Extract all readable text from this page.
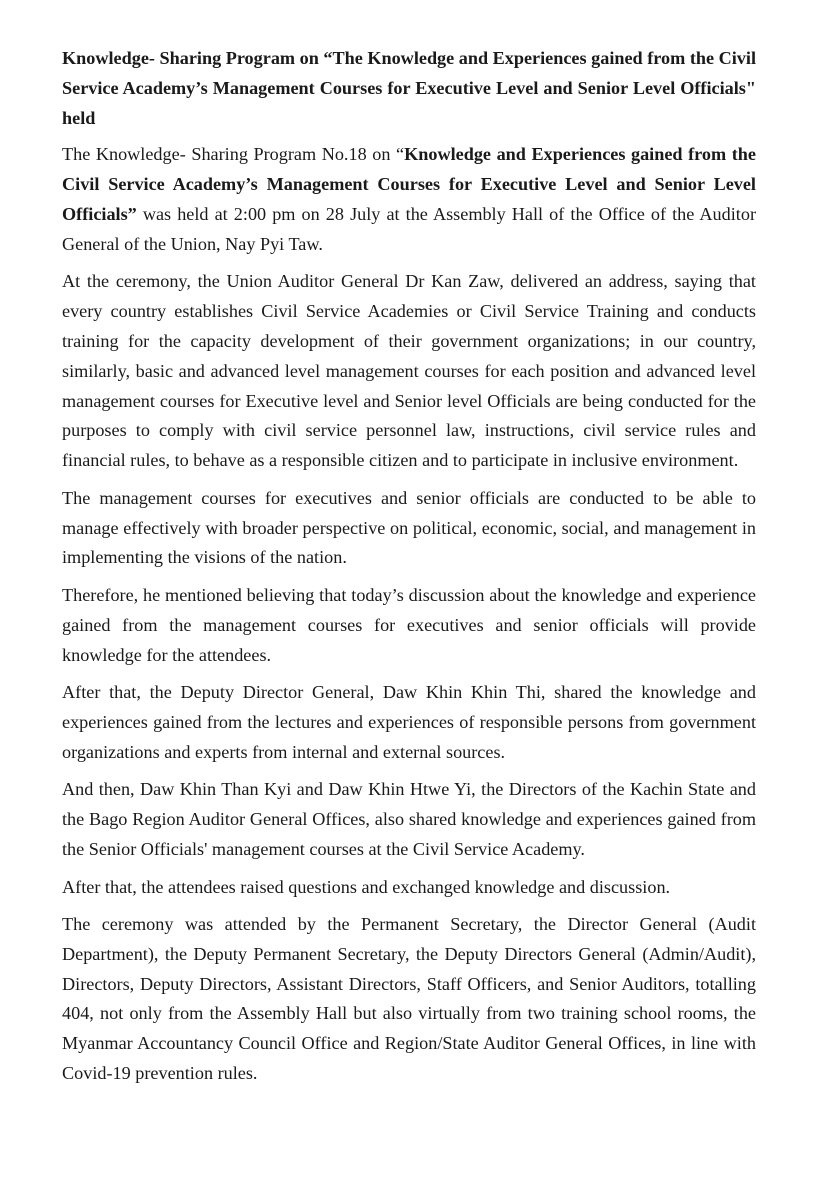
Knowledge- Sharing Program on “The Knowledge and Experiences gained from the Civil Service Academy’s Management Courses for Executive Level and Senior Level Officials" held

The Knowledge- Sharing Program No.18 on “Knowledge and Experiences gained from the Civil Service Academy’s Management Courses for Executive Level and Senior Level Officials” was held at 2:00 pm on 28 July at the Assembly Hall of the Office of the Auditor General of the Union, Nay Pyi Taw.

At the ceremony, the Union Auditor General Dr Kan Zaw, delivered an address, saying that every country establishes Civil Service Academies or Civil Service Training and conducts training for the capacity development of their government organizations; in our country, similarly, basic and advanced level management courses for each position and advanced level management courses for Executive level and Senior level Officials are being conducted for the purposes to comply with civil service personnel law, instructions, civil service rules and financial rules, to behave as a responsible citizen and to participate in inclusive environment.

The management courses for executives and senior officials are conducted to be able to manage effectively with broader perspective on political, economic, social, and management in implementing the visions of the nation.

Therefore, he mentioned believing that today’s discussion about the knowledge and experience gained from the management courses for executives and senior officials will provide knowledge for the attendees.

After that, the Deputy Director General, Daw Khin Khin Thi, shared the knowledge and experiences gained from the lectures and experiences of responsible persons from government organizations and experts from internal and external sources.

And then, Daw Khin Than Kyi and Daw Khin Htwe Yi, the Directors of the Kachin State and the Bago Region Auditor General Offices, also shared knowledge and experiences gained from the Senior Officials' management courses at the Civil Service Academy.

After that, the attendees raised questions and exchanged knowledge and discussion.

The ceremony was attended by the Permanent Secretary, the Director General (Audit Department), the Deputy Permanent Secretary, the Deputy Directors General (Admin/Audit), Directors, Deputy Directors, Assistant Directors, Staff Officers, and Senior Auditors, totalling 404, not only from the Assembly Hall but also virtually from two training school rooms, the Myanmar Accountancy Council Office and Region/State Auditor General Offices, in line with Covid-19 prevention rules.
